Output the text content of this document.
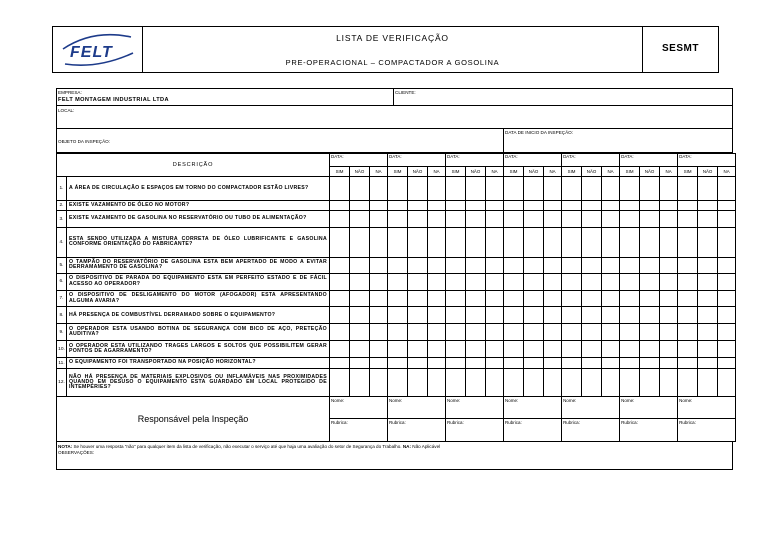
FELT
LISTA DE VERIFICAÇÃO
PRE-OPERACIONAL – COMPACTADOR A GOSOLINA
SESMT
EMPRESA:
FELT MONTAGEM INDUSTRIAL LTDA
CLIENTE:
LOCAL:
DATA DE INICIO DA INSPEÇÃO:
OBJETO DA INSPEÇÃO:
DESCRIÇÃO		DATA:			DATA:			DATA:			DATA:			DATA:			DATA:			DATA:		
		SIM	NÃO	NA	SIM	NÃO	NA	SIM	NÃO	NA	SIM	NÃO	NA	SIM	NÃO	NA	SIM	NÃO	NA	SIM	NÃO	NA
1.	A ÁREA DE CIRCULAÇÃO E ESPAÇOS EM TORNO DO COMPACTADOR ESTÃO LIVRES?																					
2.	EXISTE VAZAMENTO DE ÓLEO NO MOTOR?																					
3.	EXISTE VAZAMENTO DE GASOLINA NO RESERVATÓRIO OU TUBO DE ALIMENTAÇÃO?																					
4.	ESTA SENDO UTILIZADA A MISTURA CORRETA DE ÓLEO LUBRIFICANTE E GASOLINA CONFORME ORIENTAÇÃO DO FABRICANTE?																					
5.	O TAMPÃO DO RESERVATÓRIO DE GASOLINA ESTA BEM APERTADO DE MODO A EVITAR DERRAMAMENTO DE GASOLINA?																					
6.	O DISPOSITIVO DE PARADA DO EQUIPAMENTO ESTA EM PERFEITO ESTADO E DE FÁCIL ACESSO AO OPERADOR?																					
7.	O DISPOSITIVO DE DESLIGAMENTO DO MOTOR (AFOGADOR) ESTA APRESENTANDO ALGUMA AVARIA?																					
8.	HÁ PRESENÇA DE COMBUSTÍVEL DERRAMADO SOBRE O EQUIPAMENTO?																					
9.	O OPERADOR ESTA USANDO BOTINA DE SEGURANÇA COM BICO DE AÇO, PRETEÇÃO AUDITIVA?																					
10.	O OPERADOR ESTA UTILIZANDO TRAGES LARGOS E SOLTOS QUE POSSIBILITEM GERAR PONTOS DE AGARRAMENTO?																					
11.	O EQUIPAMENTO FOI TRANSPORTADO NA POSIÇÃO HORIZONTAL?																					
12.	NÃO HÁ PRESENÇA DE MATERIAIS EXPLOSIVOS OU INFLAMÁVEIS NAS PROXIMIDADES QUANDO EM DESUSO O EQUIPAMENTO ESTA GUARDADO EM LOCAL PROTEGIDO DE INTEMPÉRIES?																					
Responsável pela Inspeção		Nome:			Nome:			Nome:			Nome:			Nome:			Nome:			Nome:		
		Rubrica:			Rubrica:			Rubrica:			Rubrica:			Rubrica:			Rubrica:			Rubrica:		
NOTA: Se houver uma resposta "não" para qualquer item da lista de verificação, não executar o serviço até que haja uma avaliação do setor de Segurança do Trabalho. NA: Não Aplicável
OBSERVAÇÕES:
